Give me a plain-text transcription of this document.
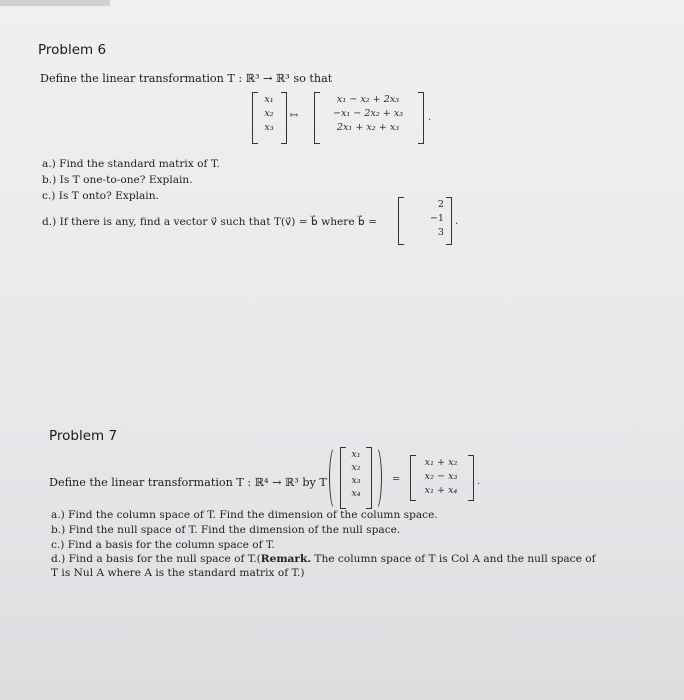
Problem 6
Define the linear transformation T : ℝ³ → ℝ³ so that
x₁
x₂
x₃
↦
x₁ − x₂ + 2x₃
−x₁ − 2x₂ + x₃
2x₁ + x₂ + x₃
.
a.) Find the standard matrix of T.
b.) Is T one-to-one? Explain.
c.) Is T onto? Explain.
d.) If there is any, find a vector v⃗ such that T(v⃗) = b⃗ where b⃗ =
2
−1
3
.
Problem 7
Define the linear transformation T : ℝ⁴ → ℝ³ by T
x₁
x₂
x₃
x₄
=
x₁ + x₂
x₂ − x₃
x₁ + x₄
.
a.) Find the column space of T. Find the dimension of the column space.
b.) Find the null space of T. Find the dimension of the null space.
c.) Find a basis for the column space of T.
d.) Find a basis for the null space of T.(Remark. The column space of T is Col A and the null space of
T is Nul A where A is the standard matrix of T.)
